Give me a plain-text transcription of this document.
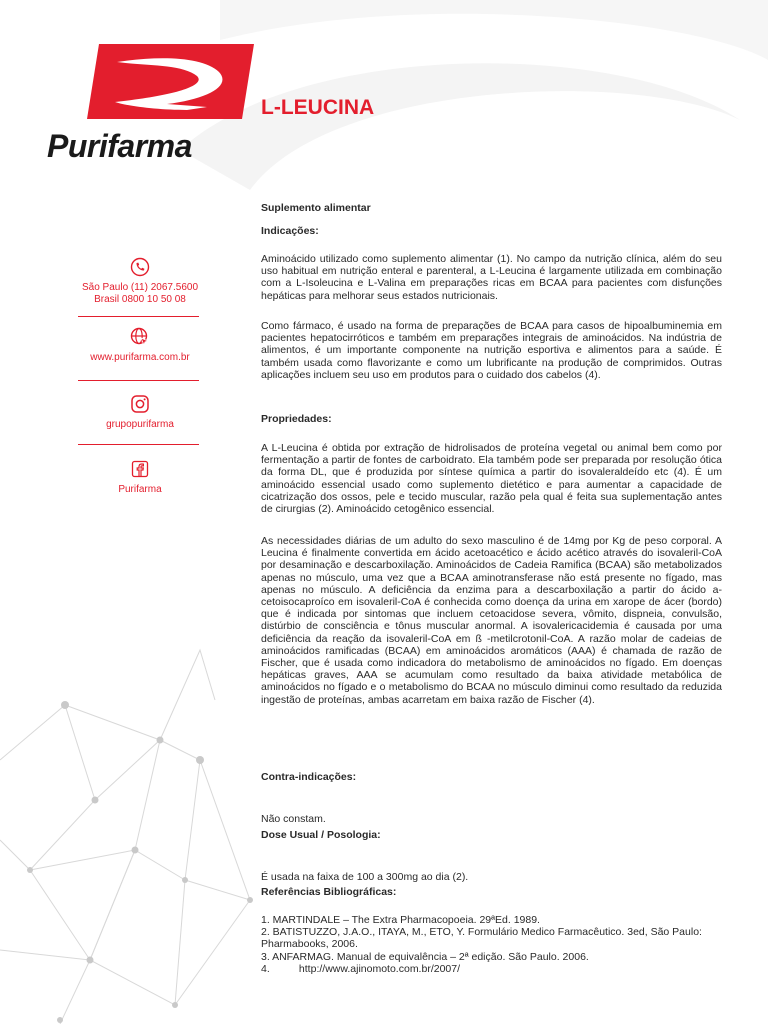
Purifarma
L-LEUCINA
São Paulo (11) 2067.5600
Brasil 0800 10 50 08
www.purifarma.com.br
grupopurifarma
Purifarma
Suplemento alimentar
Indicações:

Aminoácido utilizado como suplemento alimentar (1). No campo da nutrição clínica, além do seu uso habitual em nutrição enteral e parenteral, a L-Leucina é largamente utilizada em combinação com a L-Isoleucina e L-Valina em preparações ricas em BCAA para pacientes com disfunções hepáticas para melhorar seus estados nutricionais.

Como fármaco, é usado na forma de preparações de BCAA para casos de hipoalbuminemia em pacientes hepatocirróticos e também em preparações integrais de aminoácidos. Na indústria de alimentos, é um importante componente na nutrição esportiva e alimentos para a saúde. É também usada como flavorizante e como um lubrificante na produção de comprimidos. Outras aplicações incluem seu uso em produtos para o cuidado dos cabelos (4).

Propriedades:

A L-Leucina é obtida por extração de hidrolisados de proteína vegetal ou animal bem como por fermentação a partir de fontes de carboidrato. Ela também pode ser preparada por resolução ótica da forma DL, que é produzida por síntese química a partir do isovaleraldeído etc (4). É um aminoácido essencial usado como suplemento dietético e para aumentar a capacidade de cicatrização dos ossos, pele e tecido muscular, razão pela qual é feita sua suplementação antes de cirurgias (2). Aminoácido cetogênico essencial.

As necessidades diárias de um adulto do sexo masculino é de 14mg por Kg de peso corporal. A Leucina é finalmente convertida em ácido acetoacético e ácido acético através do isovaleril-CoA por desaminação e descarboxilação. Aminoácidos de Cadeia Ramifica (BCAA) são metabolizados apenas no músculo, uma vez que a BCAA aminotransferase não está presente no fígado, mas apenas no músculo. A deficiência da enzima para a descarboxilação a partir do ácido a-cetoisocaproíco em isovaleril-CoA é conhecida como doença da urina em xarope de ácer (bordo) que é indicada por sintomas que incluem cetoacidose severa, vômito, dispneia, convulsão, distúrbio de consciência e tônus muscular anormal. A isovalericacidemia é causada por uma deficiência da reação da isovaleril-CoA em ß -metilcrotonil-CoA. A razão molar de cadeias de aminoácidos ramificadas (BCAA) em aminoácidos aromáticos (AAA) é chamada de razão de Fischer, que é usada como indicadora do metabolismo de aminoácidos no fígado. Em doenças hepáticas graves, AAA se acumulam como resultado da baixa atividade metabólica de aminoácidos no fígado e o metabolismo do BCAA no músculo diminui como resultado da reduzida ingestão de proteínas, ambas acarretam em baixa razão de Fischer (4).

Contra-indicações:

Não constam.

Dose Usual / Posologia:

É usada na faixa de 100 a 300mg ao dia (2).

Referências Bibliográficas:

1. MARTINDALE – The Extra Pharmacopoeia. 29ªEd. 1989.

2. BATISTUZZO, J.A.O., ITAYA, M., ETO, Y. Formulário Medico Farmacêutico. 3ed, São Paulo: Pharmabooks, 2006.

3. ANFARMAG. Manual de equivalência – 2ª edição. São Paulo. 2006.

4.          http://www.ajinomoto.com.br/2007/
